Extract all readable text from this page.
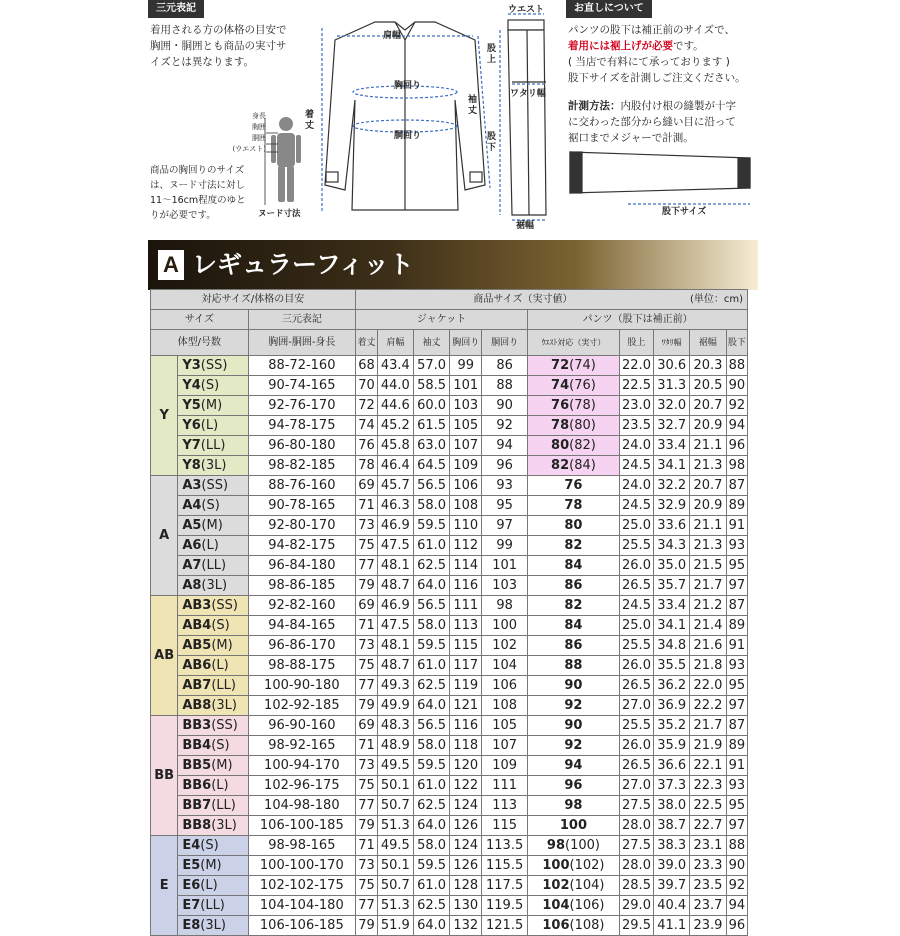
三元表記
着用される方の体格の目安で
胸囲・胴囲とも商品の実寸サ
イズとは異なります。
身長
胸囲
胴囲
(ウエスト)
商品の胸回りのサイズ
は、ヌード寸法に対し
11〜16cm程度のゆと
りが必要です。	ヌード寸法
肩幅
胸回り
胴回り
着丈
袖丈
ウエスト
股上
ワタリ幅
股下
裾幅
お直しについて
パンツの股下は補正前のサイズで、
着用には裾上げが必要です。
( 当店で有料にて承っております )
股下サイズを計測しご注文ください。
計測方法：内股付け根の縫製が十字
に交わった部分から縫い目に沿って
裾口までメジャーで計測。
股下サイズ
A レギュラーフィット
対応サイズ/体格の目安			商品サイズ（実寸値） (単位：cm)									

サイズ		三元表記	ジャケット					パンツ（股下は補正前）				
体型/号数		胸囲-胴囲-身長	着丈	肩幅	袖丈	胸回り	胴回り	ｳｴｽﾄ対応（実寸）	股上	ﾜﾀﾘ幅	裾幅	股下
Y	Y3(SS)	88-72-160	68	43.4	57.0	99	86	72(74)	22.0	30.6	20.3	88
	Y4(S)	90-74-165	70	44.0	58.5	101	88	74(76)	22.5	31.3	20.5	90
	Y5(M)	92-76-170	72	44.6	60.0	103	90	76(78)	23.0	32.0	20.7	92
	Y6(L)	94-78-175	74	45.2	61.5	105	92	78(80)	23.5	32.7	20.9	94
	Y7(LL)	96-80-180	76	45.8	63.0	107	94	80(82)	24.0	33.4	21.1	96
	Y8(3L)	98-82-185	78	46.4	64.5	109	96	82(84)	24.5	34.1	21.3	98
A	A3(SS)	88-76-160	69	45.7	56.5	106	93	76	24.0	32.2	20.7	87
	A4(S)	90-78-165	71	46.3	58.0	108	95	78	24.5	32.9	20.9	89
	A5(M)	92-80-170	73	46.9	59.5	110	97	80	25.0	33.6	21.1	91
	A6(L)	94-82-175	75	47.5	61.0	112	99	82	25.5	34.3	21.3	93
	A7(LL)	96-84-180	77	48.1	62.5	114	101	84	26.0	35.0	21.5	95
	A8(3L)	98-86-185	79	48.7	64.0	116	103	86	26.5	35.7	21.7	97
AB	AB3(SS)	92-82-160	69	46.9	56.5	111	98	82	24.5	33.4	21.2	87
	AB4(S)	94-84-165	71	47.5	58.0	113	100	84	25.0	34.1	21.4	89
	AB5(M)	96-86-170	73	48.1	59.5	115	102	86	25.5	34.8	21.6	91
	AB6(L)	98-88-175	75	48.7	61.0	117	104	88	26.0	35.5	21.8	93
	AB7(LL)	100-90-180	77	49.3	62.5	119	106	90	26.5	36.2	22.0	95
	AB8(3L)	102-92-185	79	49.9	64.0	121	108	92	27.0	36.9	22.2	97
BB	BB3(SS)	96-90-160	69	48.3	56.5	116	105	90	25.5	35.2	21.7	87
	BB4(S)	98-92-165	71	48.9	58.0	118	107	92	26.0	35.9	21.9	89
	BB5(M)	100-94-170	73	49.5	59.5	120	109	94	26.5	36.6	22.1	91
	BB6(L)	102-96-175	75	50.1	61.0	122	111	96	27.0	37.3	22.3	93
	BB7(LL)	104-98-180	77	50.7	62.5	124	113	98	27.5	38.0	22.5	95
	BB8(3L)	106-100-185	79	51.3	64.0	126	115	100	28.0	38.7	22.7	97
E	E4(S)	98-98-165	71	49.5	58.0	124	113.5	98(100)	27.5	38.3	23.1	88
	E5(M)	100-100-170	73	50.1	59.5	126	115.5	100(102)	28.0	39.0	23.3	90
	E6(L)	102-102-175	75	50.7	61.0	128	117.5	102(104)	28.5	39.7	23.5	92
	E7(LL)	104-104-180	77	51.3	62.5	130	119.5	104(106)	29.0	40.4	23.7	94
	E8(3L)	106-106-185	79	51.9	64.0	132	121.5	106(108)	29.5	41.1	23.9	96
